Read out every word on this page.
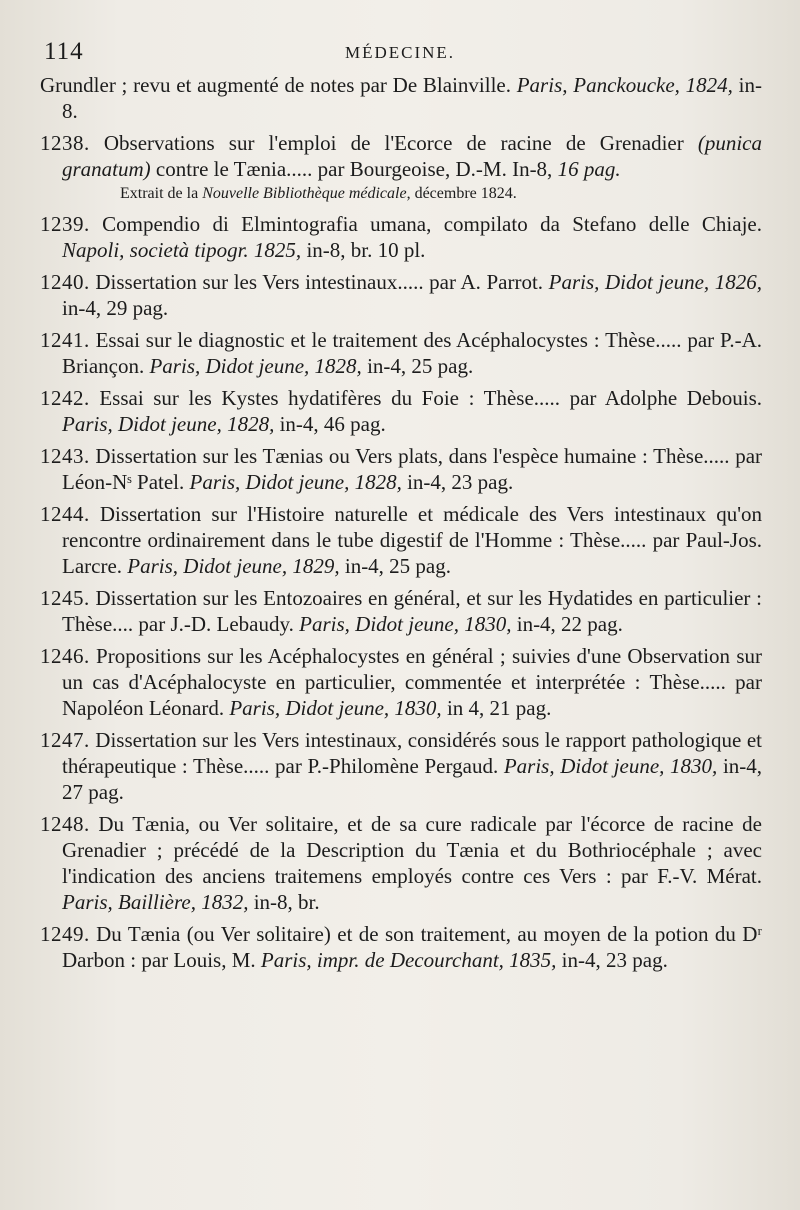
114	MÉDECINE.

Grundler ; revu et augmenté de notes par De Blainville. Paris, Panckoucke, 1824, in-8.

1238. Observations sur l'emploi de l'Ecorce de racine de Grenadier (punica granatum) contre le Tænia..... par Bourgeoise, D.-M. In-8, 16 pag.

Extrait de la Nouvelle Bibliothèque médicale, décembre 1824.

1239. Compendio di Elmintografia umana, compilato da Stefano delle Chiaje. Napoli, società tipogr. 1825, in-8, br. 10 pl.

1240. Dissertation sur les Vers intestinaux..... par A. Parrot. Paris, Didot jeune, 1826, in-4, 29 pag.

1241. Essai sur le diagnostic et le traitement des Acéphalocystes : Thèse..... par P.-A. Briançon. Paris, Didot jeune, 1828, in-4, 25 pag.

1242. Essai sur les Kystes hydatifères du Foie : Thèse..... par Adolphe Debouis. Paris, Didot jeune, 1828, in-4, 46 pag.

1243. Dissertation sur les Tænias ou Vers plats, dans l'espèce humaine : Thèse..... par Léon-Nˢ Patel. Paris, Didot jeune, 1828, in-4, 23 pag.

1244. Dissertation sur l'Histoire naturelle et médicale des Vers intestinaux qu'on rencontre ordinairement dans le tube digestif de l'Homme : Thèse..... par Paul-Jos. Larcre. Paris, Didot jeune, 1829, in-4, 25 pag.

1245. Dissertation sur les Entozoaires en général, et sur les Hydatides en particulier : Thèse.... par J.-D. Lebaudy. Paris, Didot jeune, 1830, in-4, 22 pag.

1246. Propositions sur les Acéphalocystes en général ; suivies d'une Observation sur un cas d'Acéphalocyste en particulier, commentée et interprétée : Thèse..... par Napoléon Léonard. Paris, Didot jeune, 1830, in 4, 21 pag.

1247. Dissertation sur les Vers intestinaux, considérés sous le rapport pathologique et thérapeutique : Thèse..... par P.-Philomène Pergaud. Paris, Didot jeune, 1830, in-4, 27 pag.

1248. Du Tænia, ou Ver solitaire, et de sa cure radicale par l'écorce de racine de Grenadier ; précédé de la Description du Tænia et du Bothriocéphale ; avec l'indication des anciens traitemens employés contre ces Vers : par F.-V. Mérat. Paris, Baillière, 1832, in-8, br.

1249. Du Tænia (ou Ver solitaire) et de son traitement, au moyen de la potion du Dʳ Darbon : par Louis, M. Paris, impr. de Decourchant, 1835, in-4, 23 pag.
